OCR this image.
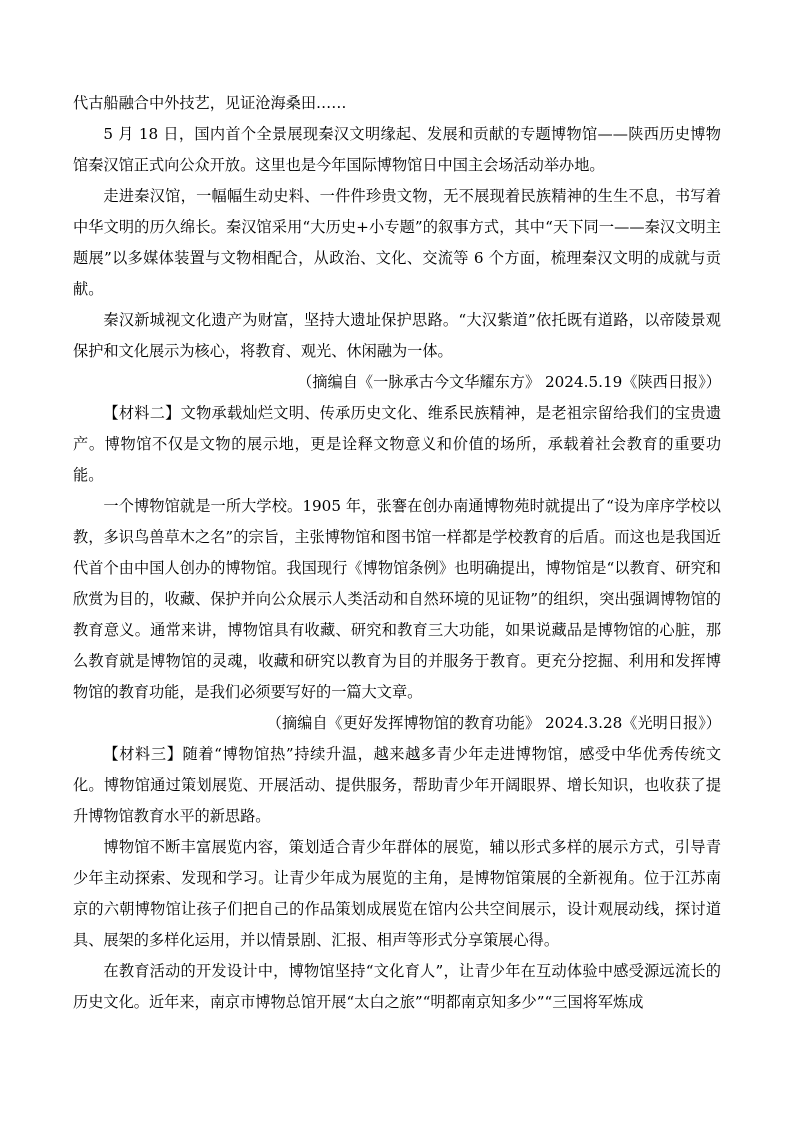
代古船融合中外技艺，见证沧海桑田……

5 月 18 日，国内首个全景展现秦汉文明缘起、发展和贡献的专题博物馆——陕西历史博物馆秦汉馆正式向公众开放。这里也是今年国际博物馆日中国主会场活动举办地。

走进秦汉馆，一幅幅生动史料、一件件珍贵文物，无不展现着民族精神的生生不息，书写着中华文明的历久绵长。秦汉馆采用“大历史+小专题”的叙事方式，其中“天下同一——秦汉文明主题展”以多媒体装置与文物相配合，从政治、文化、交流等 6 个方面，梳理秦汉文明的成就与贡献。

秦汉新城视文化遗产为财富，坚持大遗址保护思路。“大汉紫道”依托既有道路，以帝陵景观保护和文化展示为核心，将教育、观光、休闲融为一体。

（摘编自《一脉承古今文华耀东方》 2024.5.19《陕西日报》）

【材料二】文物承载灿烂文明、传承历史文化、维系民族精神，是老祖宗留给我们的宝贵遗产。博物馆不仅是文物的展示地，更是诠释文物意义和价值的场所，承载着社会教育的重要功能。

一个博物馆就是一所大学校。1905 年，张謇在创办南通博物苑时就提出了“设为庠序学校以教，多识鸟兽草木之名”的宗旨，主张博物馆和图书馆一样都是学校教育的后盾。而这也是我国近代首个由中国人创办的博物馆。我国现行《博物馆条例》也明确提出，博物馆是“以教育、研究和欣赏为目的，收藏、保护并向公众展示人类活动和自然环境的见证物”的组织，突出强调博物馆的教育意义。通常来讲，博物馆具有收藏、研究和教育三大功能，如果说藏品是博物馆的心脏，那么教育就是博物馆的灵魂，收藏和研究以教育为目的并服务于教育。更充分挖掘、利用和发挥博物馆的教育功能，是我们必须要写好的一篇大文章。

（摘编自《更好发挥博物馆的教育功能》 2024.3.28《光明日报》）

【材料三】随着“博物馆热”持续升温，越来越多青少年走进博物馆，感受中华优秀传统文化。博物馆通过策划展览、开展活动、提供服务，帮助青少年开阔眼界、增长知识，也收获了提升博物馆教育水平的新思路。

博物馆不断丰富展览内容，策划适合青少年群体的展览，辅以形式多样的展示方式，引导青少年主动探索、发现和学习。让青少年成为展览的主角，是博物馆策展的全新视角。位于江苏南京的六朝博物馆让孩子们把自己的作品策划成展览在馆内公共空间展示，设计观展动线，探讨道具、展架的多样化运用，并以情景剧、汇报、相声等形式分享策展心得。

在教育活动的开发设计中，博物馆坚持“文化育人”，让青少年在互动体验中感受源远流长的历史文化。近年来，南京市博物总馆开展“太白之旅”“明都南京知多少”“三国将军炼成
